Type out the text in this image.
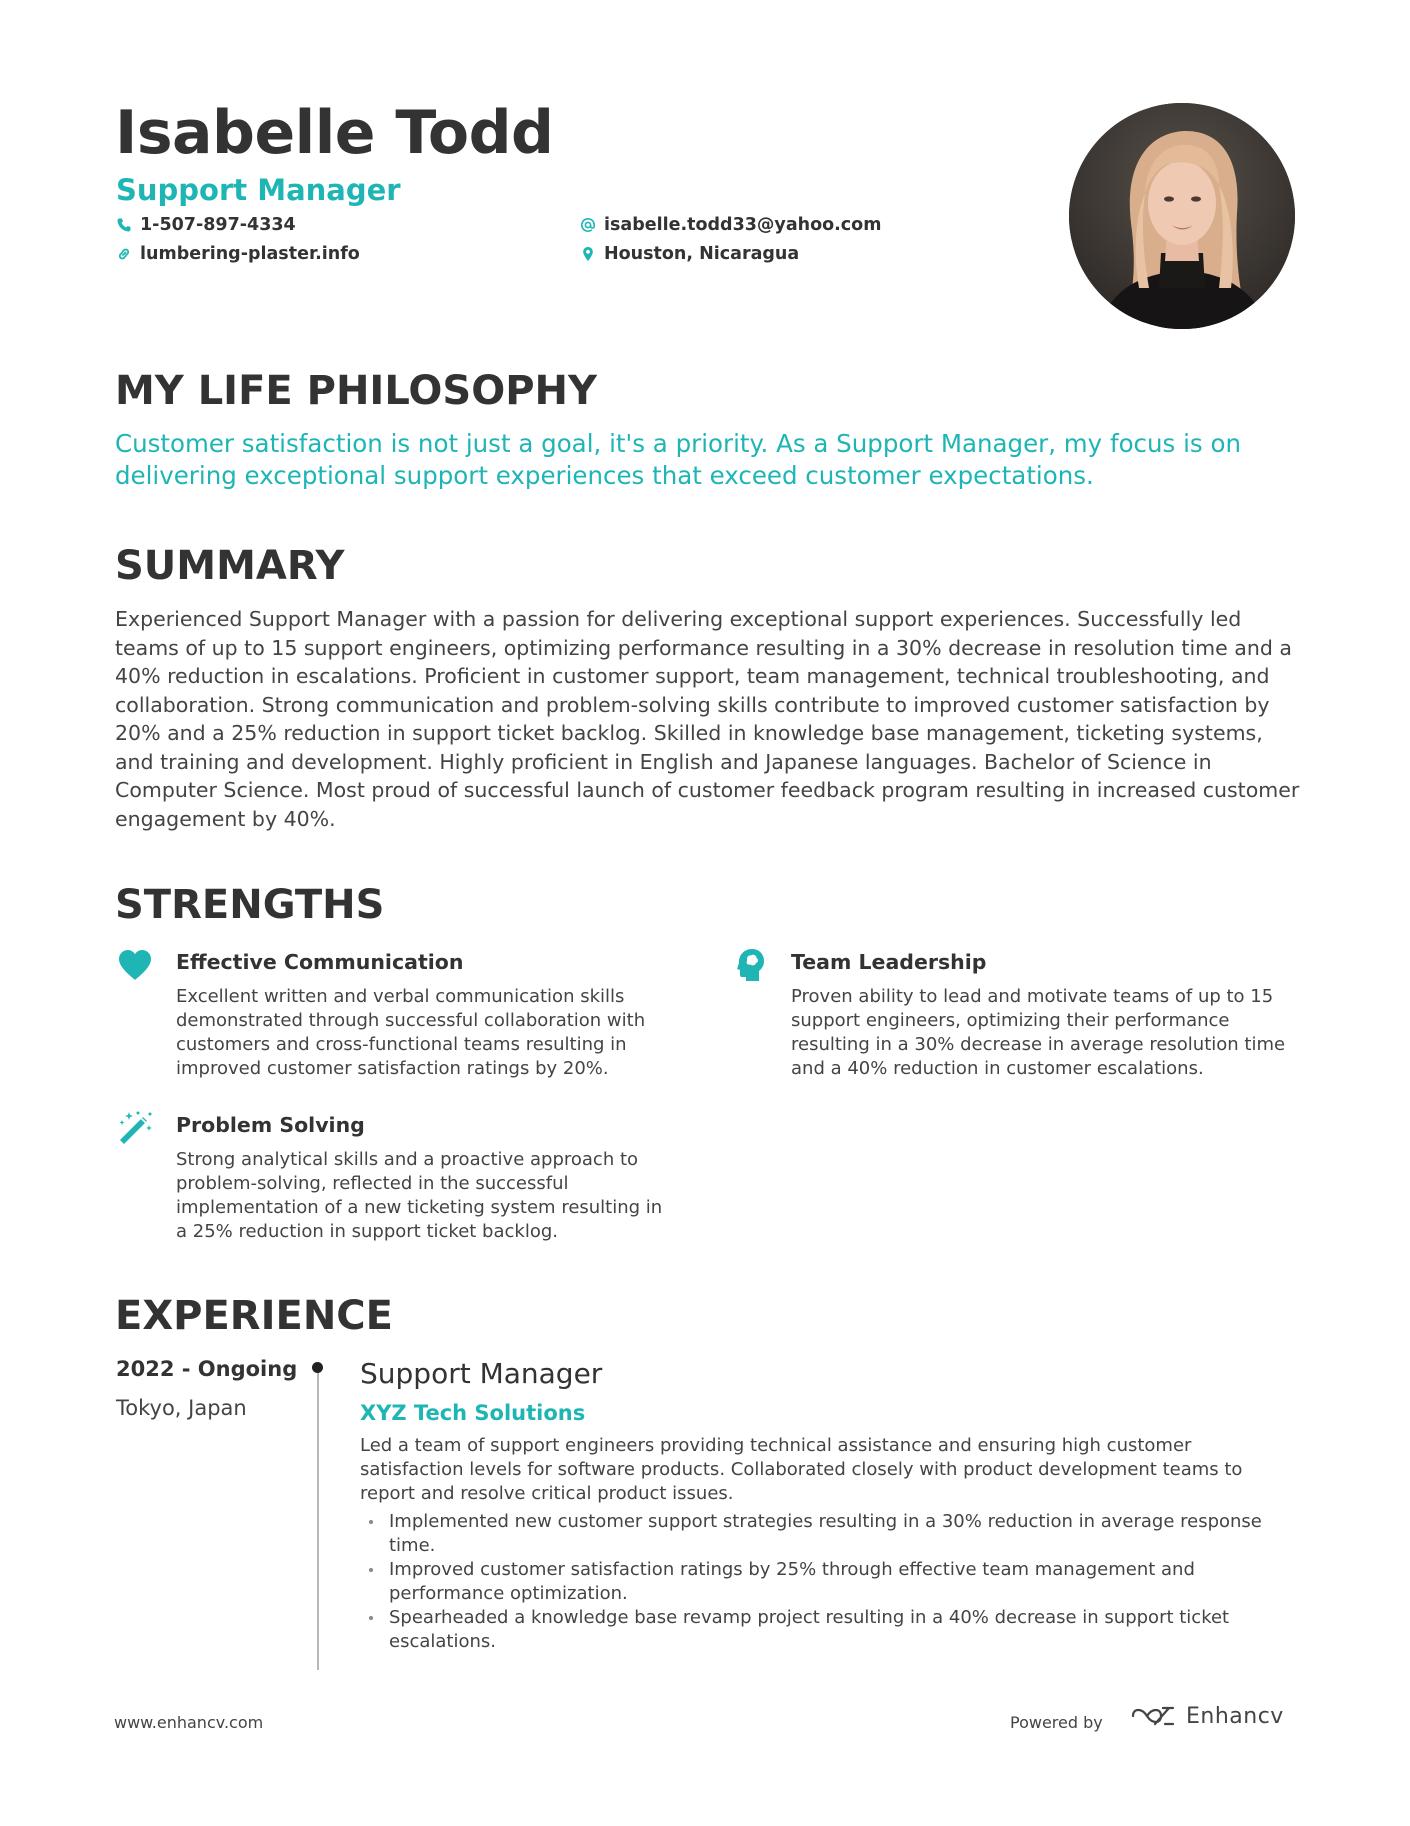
Isabelle Todd
Support Manager
1-507-897-4334
lumbering-plaster.info
isabelle.todd33@yahoo.com
Houston, Nicaragua
MY LIFE PHILOSOPHY
Customer satisfaction is not just a goal, it's a priority. As a Support Manager, my focus is on delivering exceptional support experiences that exceed customer expectations.
SUMMARY
Experienced Support Manager with a passion for delivering exceptional support experiences. Successfully led teams of up to 15 support engineers, optimizing performance resulting in a 30% decrease in resolution time and a 40% reduction in escalations. Proficient in customer support, team management, technical troubleshooting, and collaboration. Strong communication and problem-solving skills contribute to improved customer satisfaction by 20% and a 25% reduction in support ticket backlog. Skilled in knowledge base management, ticketing systems, and training and development. Highly proficient in English and Japanese languages. Bachelor of Science in Computer Science. Most proud of successful launch of customer feedback program resulting in increased customer engagement by 40%.
STRENGTHS
Effective Communication
Excellent written and verbal communication skills demonstrated through successful collaboration with customers and cross-functional teams resulting in improved customer satisfaction ratings by 20%.
Team Leadership
Proven ability to lead and motivate teams of up to 15 support engineers, optimizing their performance resulting in a 30% decrease in average resolution time and a 40% reduction in customer escalations.
Problem Solving
Strong analytical skills and a proactive approach to problem-solving, reflected in the successful implementation of a new ticketing system resulting in a 25% reduction in support ticket backlog.
EXPERIENCE
2022 - Ongoing
Tokyo, Japan
Support Manager
XYZ Tech Solutions
Led a team of support engineers providing technical assistance and ensuring high customer satisfaction levels for software products. Collaborated closely with product development teams to report and resolve critical product issues.
Implemented new customer support strategies resulting in a 30% reduction in average response time.
Improved customer satisfaction ratings by 25% through effective team management and performance optimization.
Spearheaded a knowledge base revamp project resulting in a 40% decrease in support ticket escalations.
www.enhancv.com	Powered by	Enhancv
